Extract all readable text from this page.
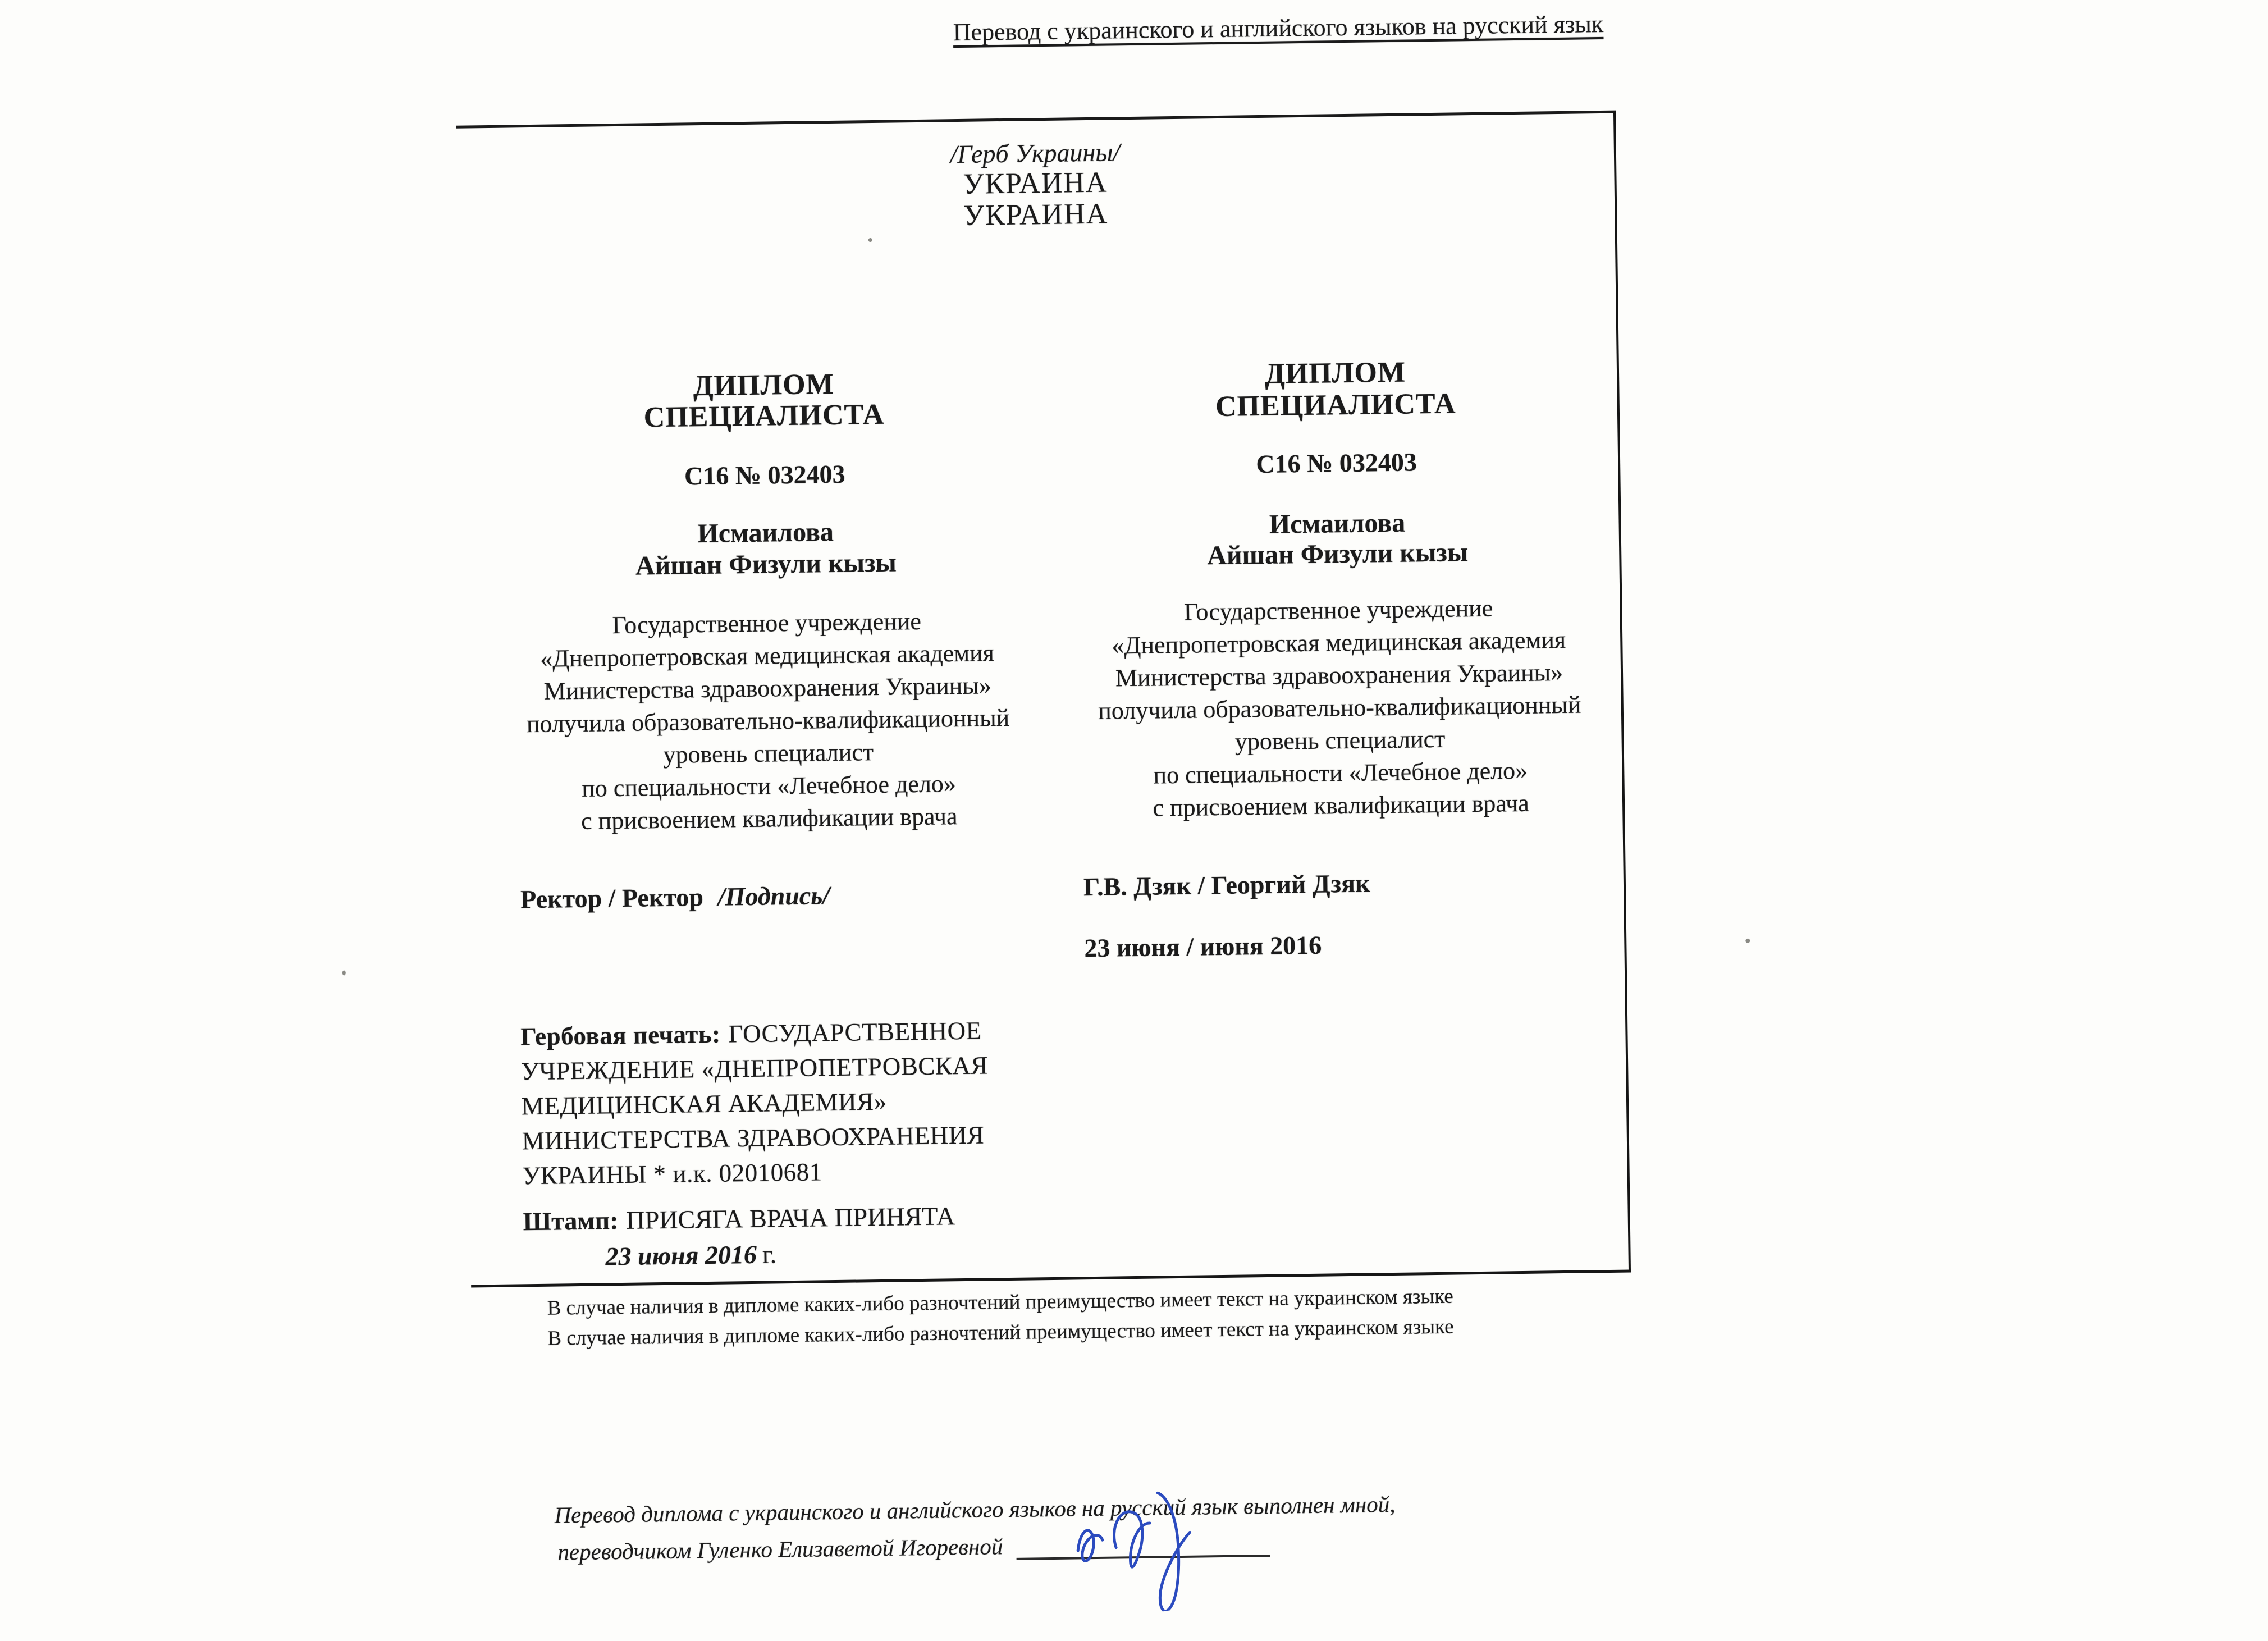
Перевод с украинского и английского языков на русский язык
/Герб Украины/
УКРАИНА
УКРАИНА
ДИПЛОМ
СПЕЦИАЛИСТА
С16 № 032403
Исмаилова
Айшан Физули кызы
Государственное учреждение
«Днепропетровская медицинская академия
Министерства здравоохранения Украины»
получила образовательно-квалификационный
уровень специалист
по специальности «Лечебное дело»
с присвоением квалификации врача
Ректор / Ректор /Подпись/
Гербовая печать: ГОСУДАРСТВЕННОЕ
УЧРЕЖДЕНИЕ «ДНЕПРОПЕТРОВСКАЯ
МЕДИЦИНСКАЯ АКАДЕМИЯ»
МИНИСТЕРСТВА ЗДРАВООХРАНЕНИЯ
УКРАИНЫ * и.к. 02010681
Штамп: ПРИСЯГА ВРАЧА ПРИНЯТА
23 июня 2016 г.
ДИПЛОМ
СПЕЦИАЛИСТА
С16 № 032403
Исмаилова
Айшан Физули кызы
Государственное учреждение
«Днепропетровская медицинская академия
Министерства здравоохранения Украины»
получила образовательно-квалификационный
уровень специалист
по специальности «Лечебное дело»
с присвоением квалификации врача
Г.В. Дзяк / Георгий Дзяк
23 июня / июня 2016
В случае наличия в дипломе каких-либо разночтений преимущество имеет текст на украинском языке
В случае наличия в дипломе каких-либо разночтений преимущество имеет текст на украинском языке
Перевод диплома с украинского и английского языков на русский язык выполнен мной,
переводчиком Гуленко Елизаветой Игоревной
